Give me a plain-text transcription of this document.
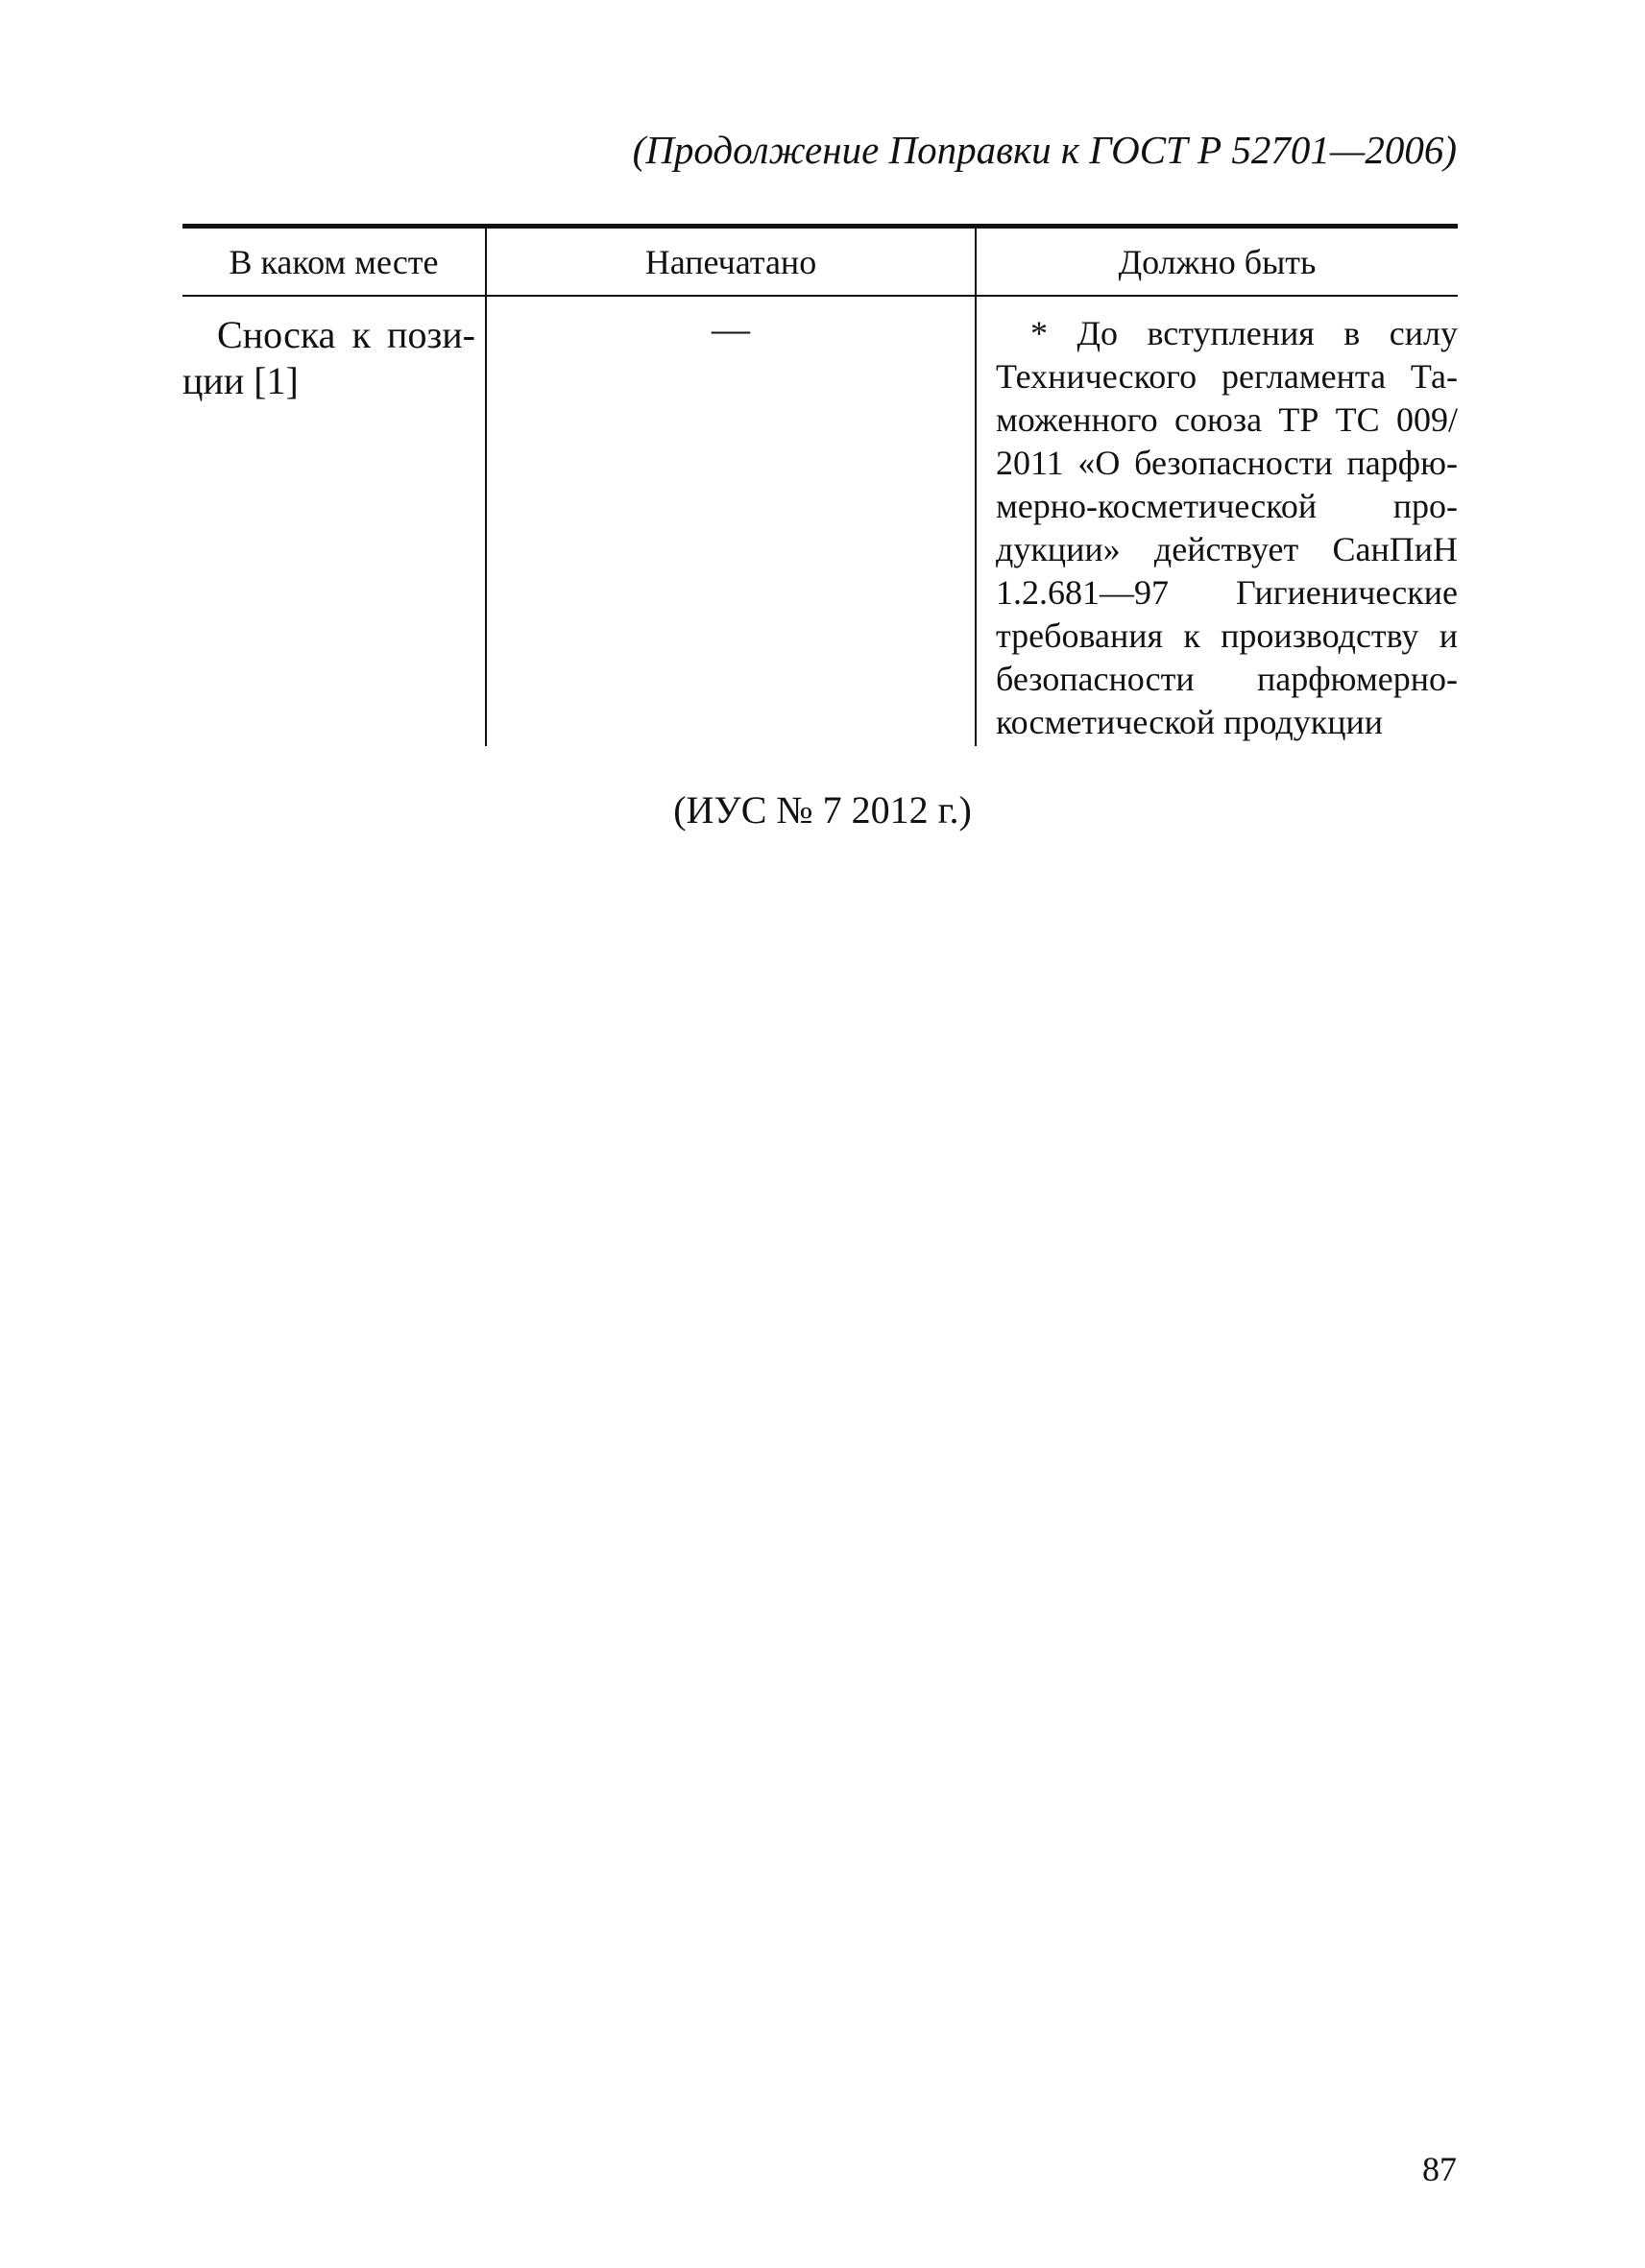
(Продолжение Поправки к ГОСТ Р 52701—2006)
В каком месте	Напечатано	Должно быть
Сноска к позиции [1]	—	* До вступления в силу Технического регламента Таможенного союза ТР ТС 009/ 2011 «О безопасности парфюмерно-косметической продукции» действует СанПиН 1.2.681—97 Гигиенические требования к производству и безопасности парфюмерно-косметической продукции
(ИУС № 7 2012 г.)
87
